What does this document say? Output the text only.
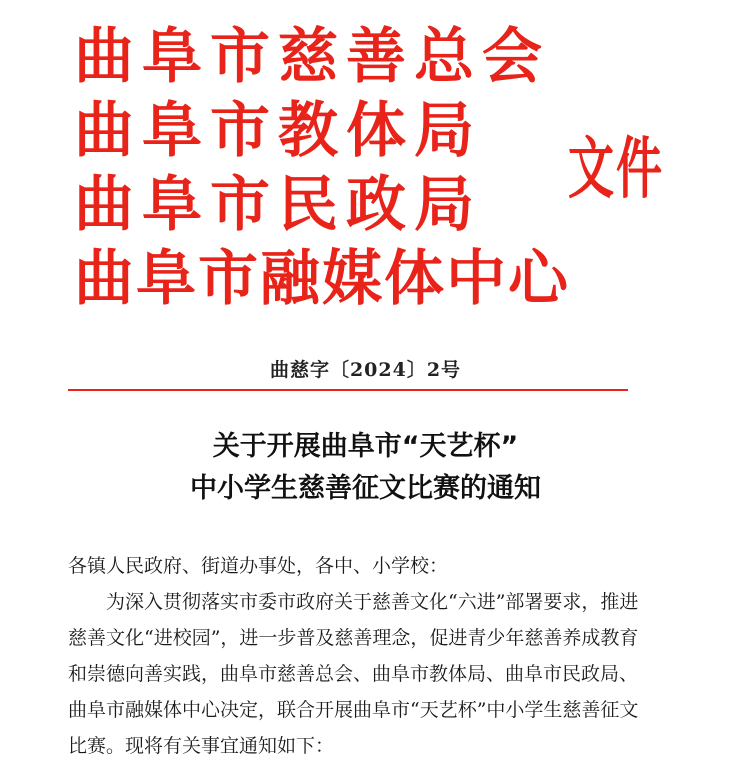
曲阜市慈善总会
曲阜市教体局
曲阜市民政局
曲阜市融媒体中心
文件
曲慈字〔2024〕2号
关于开展曲阜市“天艺杯”
中小学生慈善征文比赛的通知

各镇人民政府、街道办事处，各中、小学校：

为深入贯彻落实市委市政府关于慈善文化“六进”部署要求，推进慈善文化“进校园”，进一步普及慈善理念，促进青少年慈善养成教育和崇德向善实践，曲阜市慈善总会、曲阜市教体局、曲阜市民政局、曲阜市融媒体中心决定，联合开展曲阜市“天艺杯”中小学生慈善征文比赛。现将有关事宜通知如下：
